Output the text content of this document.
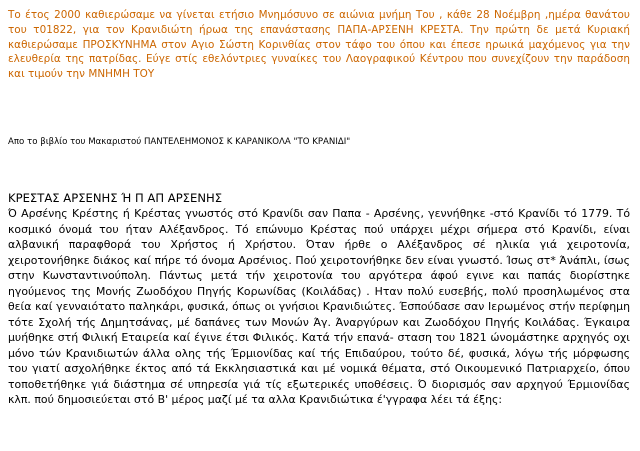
Το έτος 2000 καθιερώσαμε να γίνεται ετήσιο Μνημόσυνο σε αιώνια μνήμη Του , κάθε 28 Νοέμβρη ,ημέρα θανάτου του τ01822, για τον Κρανιδιώτη ήρωα της επανάστασης ΠΑΠΑ-ΑΡΣΕΝΗ ΚΡΕΣΤΑ. Την πρώτη δε μετά Κυριακή καθιερώσαμε ΠΡΟΣΚΥΝΗΜΑ στον Αγιο Σώστη Κορινθίας στον τάφο του όπου και έπεσε ηρωικά μαχόμενος για την ελευθερία της πατρίδας. Εύγε στίς εθελόντριες γυναίκες του Λαογραφικού Κέντρου που συνεχίζουν την παράδοση και τιμούν την ΜΝΗΜΗ ΤΟΥ

Απο το βιβλίο του Μακαριστού ΠΑΝΤΕΛΕΗΜΟΝΟΣ Κ ΚΑΡΑΝΙΚΟΛΑ "ΤΟ ΚΡΑΝΙΔΙ"

ΚΡΕΣΤΑΣ ΑΡΣΕΝΗΣ Ή Π ΑΠ ΑΡΣΕΝΗΣ

Ό Αρσένης Κρέστης ή Κρέστας γνωστός στό Κρανίδι σαν Παπα - Αρσένης, γεννήθηκε -στό Κρανίδι τό 1779. Τό κοσμικό όνομά του ήταν Αλέξανδρος. Τό επώνυμο Κρέστας πού υπάρχει μέχρι σήμερα στό Κρανίδι, είναι αλβανική παραφθορά του Χρήστος ή Χρήστου. Όταν ήρθε ο Αλέξανδρος σέ ηλικία γιά χειροτονία, χειροτονήθηκε διάκος καί πήρε τό όνομα Αρσένιος. Πού χειροτονήθηκε δεν είναι γνωστό. Ίσως στ* Άνάπλι, ίσως στην Κωνσταντινούπολη. Πάντως μετά τήν χειροτονία του αργότερα άφού εγινε και παπάς διορίστηκε ηγούμενος της Μονής Ζωοδόχου Πηγής Κορωνίδας (Κοιλάδας) . Ηταν πολύ ευσεβής, πολύ προσηλωμένος στα θεία καί γενναιότατο παληκάρι, φυσικά, όπως οι γνήσιοι Κρανιδιώτες. Έσπούδασε σαν Ιερωμένος στήν περίφημη τότε Σχολή τής Δημητσάνας, μέ δαπάνες των Μονών Άγ. Άναργύρων και Ζωοδόχου Πηγής Κοιλάδας. Έγκαιρα μυήθηκε στή Φιλική Εταιρεία καί έγινε έτσι Φιλικός. Κατά τήν επανά- σταση του 1821 ώνομάστηκε αρχηγός οχι μόνο τών Κρανιδιωτών άλλα ολης τής Έρμιονίδας καί τής Επιδαύρου, τούτο δέ, φυσικά, λόγω τής μόρφωσης του γιατί ασχολήθηκε έκτος από τά Εκκλησιαστικά και μέ νομικά θέματα, στό Οικουμενικό Πατριαρχείο, όπου τοποθετήθηκε γιά διάστημα σέ υπηρεσία γιά τίς εξωτερικές υποθέσεις. Ό διορισμός σαν αρχηγού Έρμιονίδας κλπ. πού δημοσιεύεται στό Β' μέρος μαζί μέ τα αλλα Κρανιδιώτικα έ'γγραφα λέει τά έξης:
